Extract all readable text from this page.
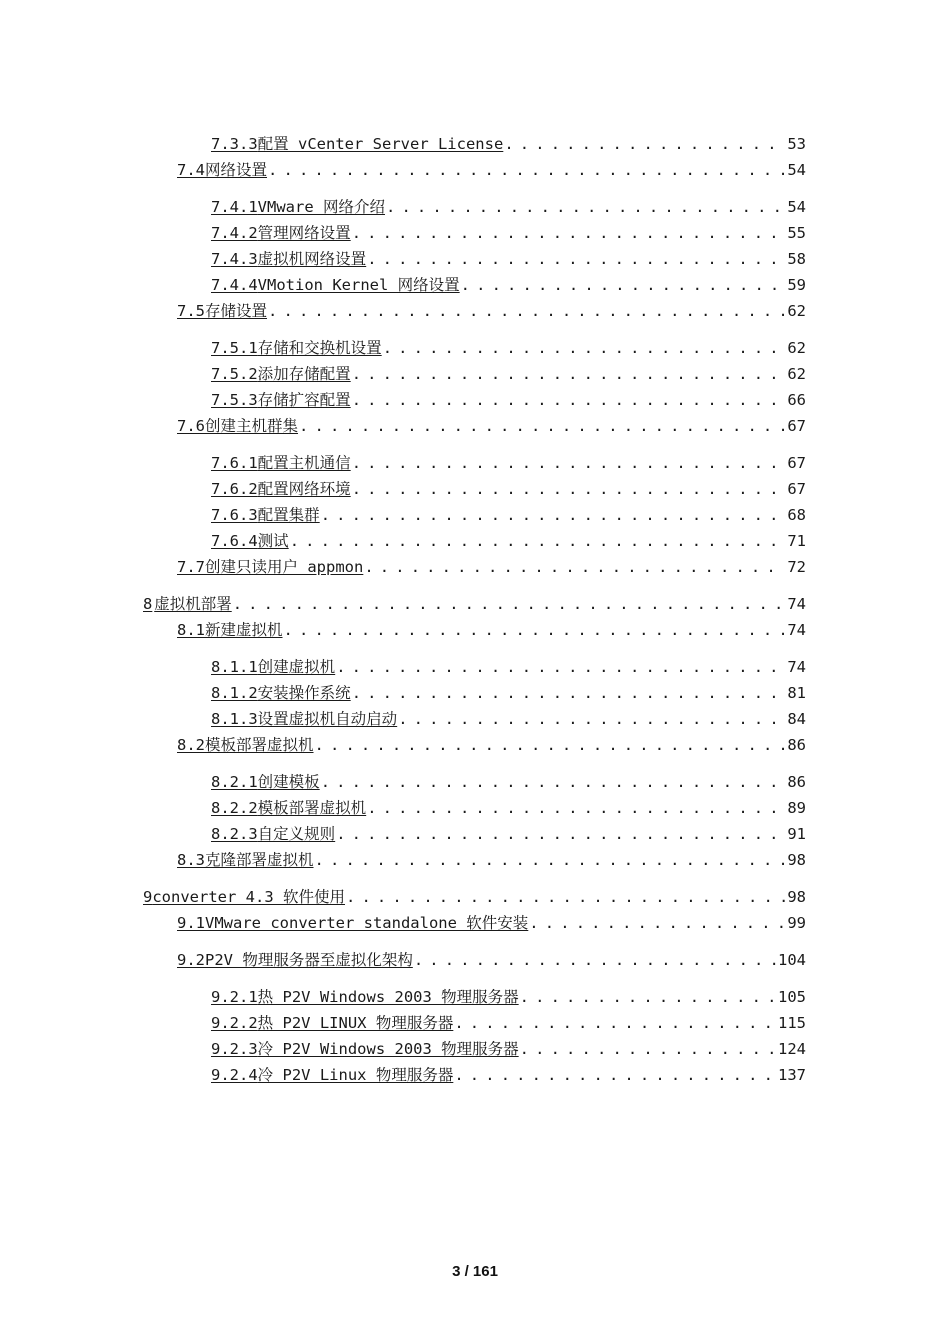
7.3.3 配置 vCenter Server License . . .	53
7.4 网络设置 . . .	54
7.4.1 VMware 网络介绍 . . .	54
7.4.2 管理网络设置 . . .	55
7.4.3 虚拟机网络设置 . . .	58
7.4.4 VMotion Kernel 网络设置 . . .	59
7.5 存储设置 . . .	62
7.5.1 存储和交换机设置 . . .	62
7.5.2 添加存储配置 . . .	62
7.5.3 存储扩容配置 . . .	66
7.6 创建主机群集 . . .	67
7.6.1 配置主机通信 . . .	67
7.6.2 配置网络环境 . . .	67
7.6.3 配置集群 . . .	68
7.6.4 测试 . . .	71
7.7 创建只读用户 appmon . . .	72
8 虚拟机部署 . . .	74
8.1 新建虚拟机 . . .	74
8.1.1 创建虚拟机 . . .	74
8.1.2 安装操作系统 . . .	81
8.1.3 设置虚拟机自动启动 . . .	84
8.2 模板部署虚拟机 . . .	86
8.2.1 创建模板 . . .	86
8.2.2 模板部署虚拟机 . . .	89
8.2.3 自定义规则 . . .	91
8.3 克隆部署虚拟机 . . .	98
9 converter 4.3 软件使用 . . .	98
9.1 VMware converter standalone 软件安装 . . .	99
9.2 P2V 物理服务器至虚拟化架构 . . .	104
9.2.1 热 P2V Windows 2003 物理服务器 . . .	105
9.2.2 热 P2V LINUX 物理服务器 . . .	115
9.2.3 冷 P2V Windows 2003 物理服务器 . . .	124
9.2.4 冷 P2V Linux 物理服务器 . . .	137
3 / 161
